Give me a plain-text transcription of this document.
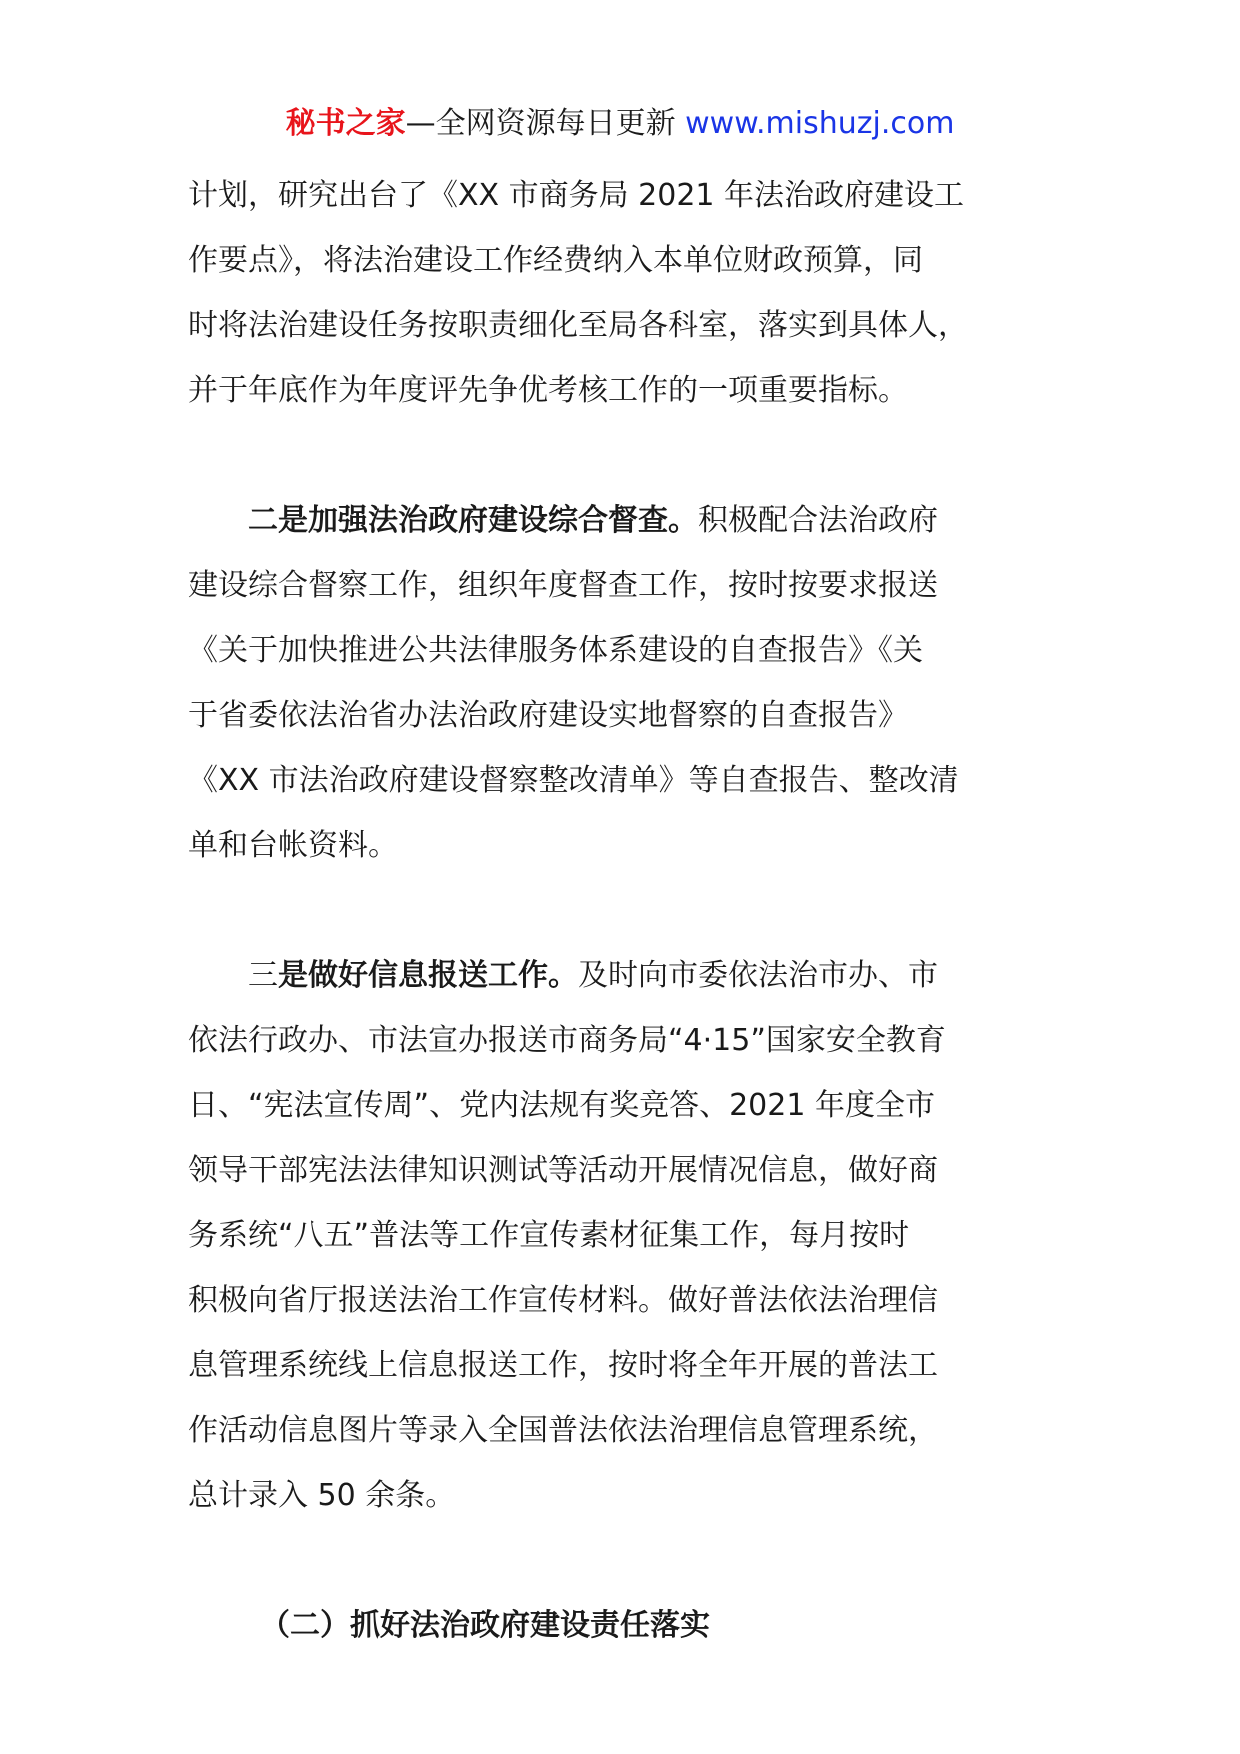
秘书之家—全网资源每日更新 www.mishuzj.com
计划，研究出台了《XX 市商务局 2021 年法治政府建设工
作要点》，将法治建设工作经费纳入本单位财政预算，同
时将法治建设任务按职责细化至局各科室，落实到具体人，
并于年底作为年度评先争优考核工作的一项重要指标。
二是加强法治政府建设综合督查。积极配合法治政府
建设综合督察工作，组织年度督查工作，按时按要求报送
《关于加快推进公共法律服务体系建设的自查报告》《关
于省委依法治省办法治政府建设实地督察的自查报告》
《XX 市法治政府建设督察整改清单》等自查报告、整改清
单和台帐资料。
三是做好信息报送工作。及时向市委依法治市办、市
依法行政办、市法宣办报送市商务局“4·15”国家安全教育
日、“宪法宣传周”、党内法规有奖竞答、2021 年度全市
领导干部宪法法律知识测试等活动开展情况信息，做好商
务系统“八五”普法等工作宣传素材征集工作，每月按时
积极向省厅报送法治工作宣传材料。做好普法依法治理信
息管理系统线上信息报送工作，按时将全年开展的普法工
作活动信息图片等录入全国普法依法治理信息管理系统，
总计录入 50 余条。
（二）抓好法治政府建设责任落实
